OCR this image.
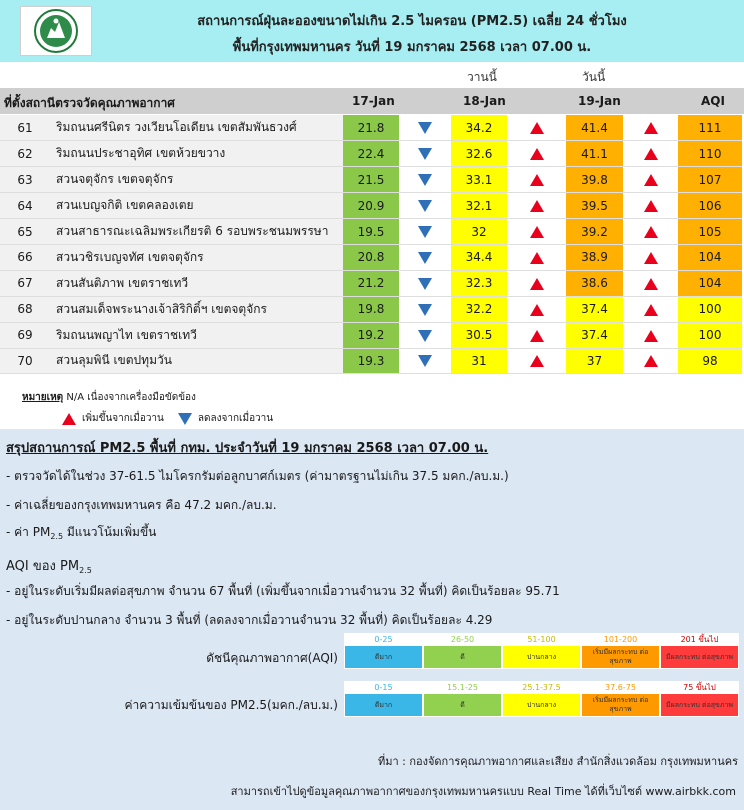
สถานการณ์ฝุ่นละอองขนาดไม่เกิน 2.5 ไมครอน (PM2.5) เฉลี่ย 24 ชั่วโมง
พื้นที่กรุงเทพมหานคร วันที่ 19 มกราคม 2568 เวลา 07.00 น.
วานนี้	วันนี้
ที่ตั้งสถานีตรวจวัดคุณภาพอากาศ	17-Jan	18-Jan	19-Jan	AQI
61	ริมถนนศรีนิตร วงเวียนโอเดียน เขตสัมพันธวงศ์	21.8		34.2		41.4		111
62	ริมถนนประชาอุทิศ เขตห้วยขวาง	22.4		32.6		41.1		110
63	สวนจตุจักร เขตจตุจักร	21.5		33.1		39.8		107
64	สวนเบญจกิติ เขตคลองเตย	20.9		32.1		39.5		106
65	สวนสาธารณะเฉลิมพระเกียรติ 6 รอบพระชนมพรรษา	19.5		32		39.2		105
66	สวนวชิรเบญจทัศ เขตจตุจักร	20.8		34.4		38.9		104
67	สวนสันติภาพ เขตราชเทวี	21.2		32.3		38.6		104
68	สวนสมเด็จพระนางเจ้าสิริกิติ์ฯ เขตจตุจักร	19.8		32.2		37.4		100
69	ริมถนนพญาไท เขตราชเทวี	19.2		30.5		37.4		100
70	สวนลุมพินี เขตปทุมวัน	19.3		31		37		98
หมายเหตุ N/A เนื่องจากเครื่องมือขัดข้อง
เพิ่มขึ้นจากเมื่อวาน	ลดลงจากเมื่อวาน
สรุปสถานการณ์ PM2.5 พื้นที่ กทม. ประจำวันที่ 19 มกราคม 2568 เวลา 07.00 น.
- ตรวจวัดได้ในช่วง 37-61.5 ไมโครกรัมต่อลูกบาศก์เมตร (ค่ามาตรฐานไม่เกิน 37.5 มคก./ลบ.ม.)
- ค่าเฉลี่ยของกรุงเทพมหานคร คือ 47.2 มคก./ลบ.ม.
- ค่า $PM_{2.5}$ มีแนวโน้มเพิ่มขึ้น
AQI ของ $PM_{2.5}$
- อยู่ในระดับเริ่มมีผลต่อสุขภาพ จำนวน 67 พื้นที่ (เพิ่มขึ้นจากเมื่อวานจำนวน 32 พื้นที่) คิดเป็นร้อยละ 95.71
- อยู่ในระดับปานกลาง จำนวน 3 พื้นที่ (ลดลงจากเมื่อวานจำนวน 32 พื้นที่) คิดเป็นร้อยละ 4.29
ดัชนีคุณภาพอากาศ(AQI)
0-25
ดีมาก
26-50
ดี
51-100
ปานกลาง
101-200
เริ่มมีผลกระทบ ต่อสุขภาพ
201 ขึ้นไป
มีผลกระทบ ต่อสุขภาพ
ค่าความเข้มข้นของ PM2.5(มคก./ลบ.ม.)
0-15
ดีมาก
15.1-25
ดี
25.1-37.5
ปานกลาง
37.6-75
เริ่มมีผลกระทบ ต่อสุขภาพ
75 ขึ้นไป
มีผลกระทบ ต่อสุขภาพ
ที่มา : กองจัดการคุณภาพอากาศและเสียง สำนักสิ่งแวดล้อม กรุงเทพมหานคร
สามารถเข้าไปดูข้อมูลคุณภาพอากาศของกรุงเทพมหานครแบบ Real Time ได้ที่เว็บไซต์ www.airbkk.com
